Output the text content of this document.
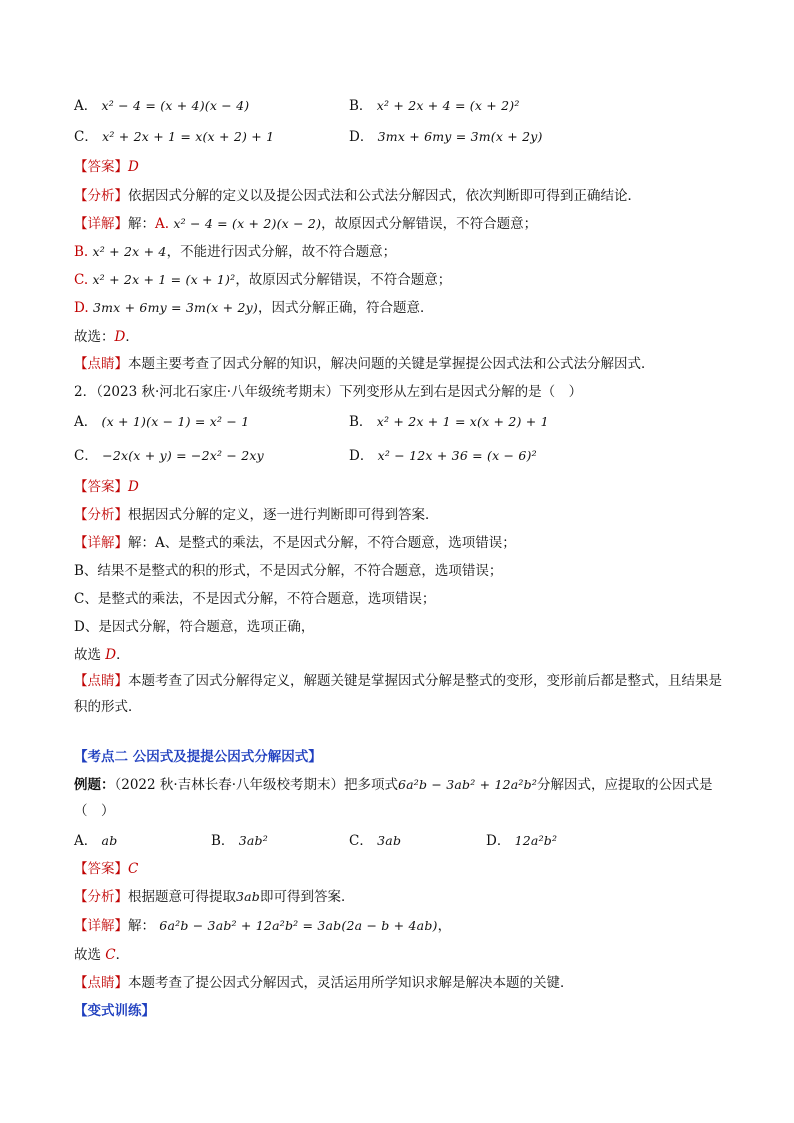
A． x² − 4 = (x + 4)(x − 4)	B． x² + 2x + 4 = (x + 2)²
C． x² + 2x + 1 = x(x + 2) + 1	D． 3mx + 6my = 3m(x + 2y)
【答案】D
【分析】依据因式分解的定义以及提公因式法和公式法分解因式，依次判断即可得到正确结论．
【详解】解：A. x² − 4 = (x + 2)(x − 2)，故原因式分解错误，不符合题意；
B. x² + 2x + 4，不能进行因式分解，故不符合题意；
C. x² + 2x + 1 = (x + 1)²，故原因式分解错误，不符合题意；
D. 3mx + 6my = 3m(x + 2y)，因式分解正确，符合题意．
故选：D．
【点睛】本题主要考查了因式分解的知识，解决问题的关键是掌握提公因式法和公式法分解因式．
2．（2023 秋·河北石家庄·八年级统考期末）下列变形从左到右是因式分解的是（　）
A． (x + 1)(x − 1) = x² − 1	B． x² + 2x + 1 = x(x + 2) + 1
C． −2x(x + y) = −2x² − 2xy	D． x² − 12x + 36 = (x − 6)²
【答案】D
【分析】根据因式分解的定义，逐一进行判断即可得到答案．
【详解】解：A、是整式的乘法，不是因式分解，不符合题意，选项错误；
B、结果不是整式的积的形式，不是因式分解，不符合题意，选项错误；
C、是整式的乘法，不是因式分解，不符合题意，选项错误；
D、是因式分解，符合题意，选项正确，
故选 D．
【点睛】本题考查了因式分解得定义，解题关键是掌握因式分解是整式的变形，变形前后都是整式，且结果是积的形式．
【考点二 公因式及提提公因式分解因式】
例题：（2022 秋·吉林长春·八年级校考期末）把多项式6a²b − 3ab² + 12a²b²分解因式，应提取的公因式是
（　）
A． ab	B． 3ab²	C． 3ab	D． 12a²b²
【答案】C
【分析】根据题意可得提取3ab即可得到答案．
【详解】解： 6a²b − 3ab² + 12a²b² = 3ab(2a − b + 4ab)，
故选 C．
【点睛】本题考查了提公因式分解因式，灵活运用所学知识求解是解决本题的关键．
【变式训练】
